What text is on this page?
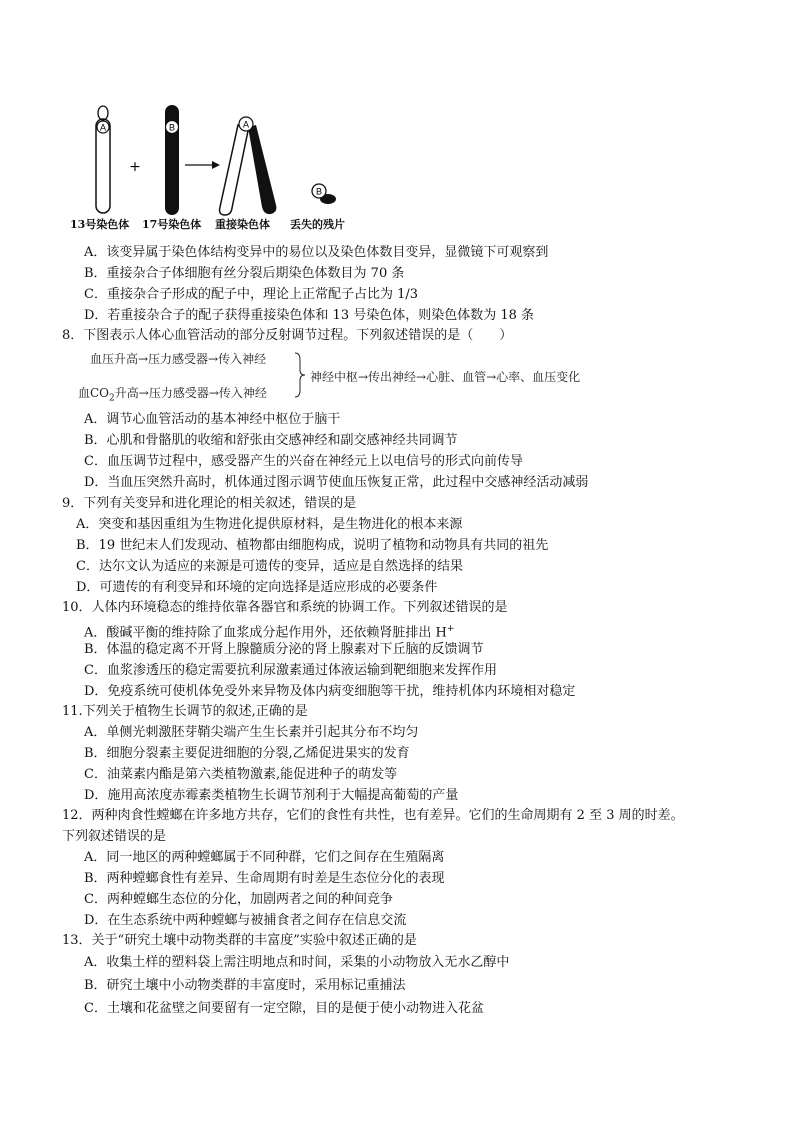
A
+
B	A
B
13号染色体 17号染色体 重接染色体 丢失的残片
A．该变异属于染色体结构变异中的易位以及染色体数目变异，显微镜下可观察到
B．重接杂合子体细胞有丝分裂后期染色体数目为 70 条
C．重接杂合子形成的配子中，理论上正常配子占比为 1/3
D．若重接杂合子的配子获得重接染色体和 13 号染色体，则染色体数为 18 条
8．下图表示人体心血管活动的部分反射调节过程。下列叙述错误的是（　　）
血压升高→压力感受器→传入神经
血$CO_2$升高→压力感受器→传入神经
神经中枢→传出神经→心脏、血管→心率、血压变化
A．调节心血管活动的基本神经中枢位于脑干
B．心肌和骨骼肌的收缩和舒张由交感神经和副交感神经共同调节
C．血压调节过程中，感受器产生的兴奋在神经元上以电信号的形式向前传导
D．当血压突然升高时，机体通过图示调节使血压恢复正常，此过程中交感神经活动减弱
9．下列有关变异和进化理论的相关叙述，错误的是
A．突变和基因重组为生物进化提供原材料，是生物进化的根本来源
B．19 世纪末人们发现动、植物都由细胞构成，说明了植物和动物具有共同的祖先
C．达尔文认为适应的来源是可遗传的变异，适应是自然选择的结果
D．可遗传的有利变异和环境的定向选择是适应形成的必要条件
10．人体内环境稳态的维持依靠各器官和系统的协调工作。下列叙述错误的是
A．酸碱平衡的维持除了血浆成分起作用外，还依赖肾脏排出 H+
B．体温的稳定离不开肾上腺髓质分泌的肾上腺素对下丘脑的反馈调节
C．血浆渗透压的稳定需要抗利尿激素通过体液运输到靶细胞来发挥作用
D．免疫系统可使机体免受外来异物及体内病变细胞等干扰，维持机体内环境相对稳定
11.下列关于植物生长调节的叙述,正确的是
A．单侧光刺激胚芽鞘尖端产生生长素并引起其分布不均匀
B．细胞分裂素主要促进细胞的分裂,乙烯促进果实的发育
C．油菜素内酯是第六类植物激素,能促进种子的萌发等
D．施用高浓度赤霉素类植物生长调节剂利于大幅提高葡萄的产量
12．两种肉食性螳螂在许多地方共存，它们的食性有共性，也有差异。它们的生命周期有 2 至 3 周的时差。
下列叙述错误的是
A．同一地区的两种螳螂属于不同种群，它们之间存在生殖隔离
B．两种螳螂食性有差异、生命周期有时差是生态位分化的表现
C．两种螳螂生态位的分化，加剧两者之间的种间竞争
D．在生态系统中两种螳螂与被捕食者之间存在信息交流
13．关于“研究土壤中动物类群的丰富度”实验中叙述正确的是
A．收集土样的塑料袋上需注明地点和时间，采集的小动物放入无水乙醇中
B．研究土壤中小动物类群的丰富度时，采用标记重捕法
C．土壤和花盆壁之间要留有一定空隙，目的是便于使小动物进入花盆
